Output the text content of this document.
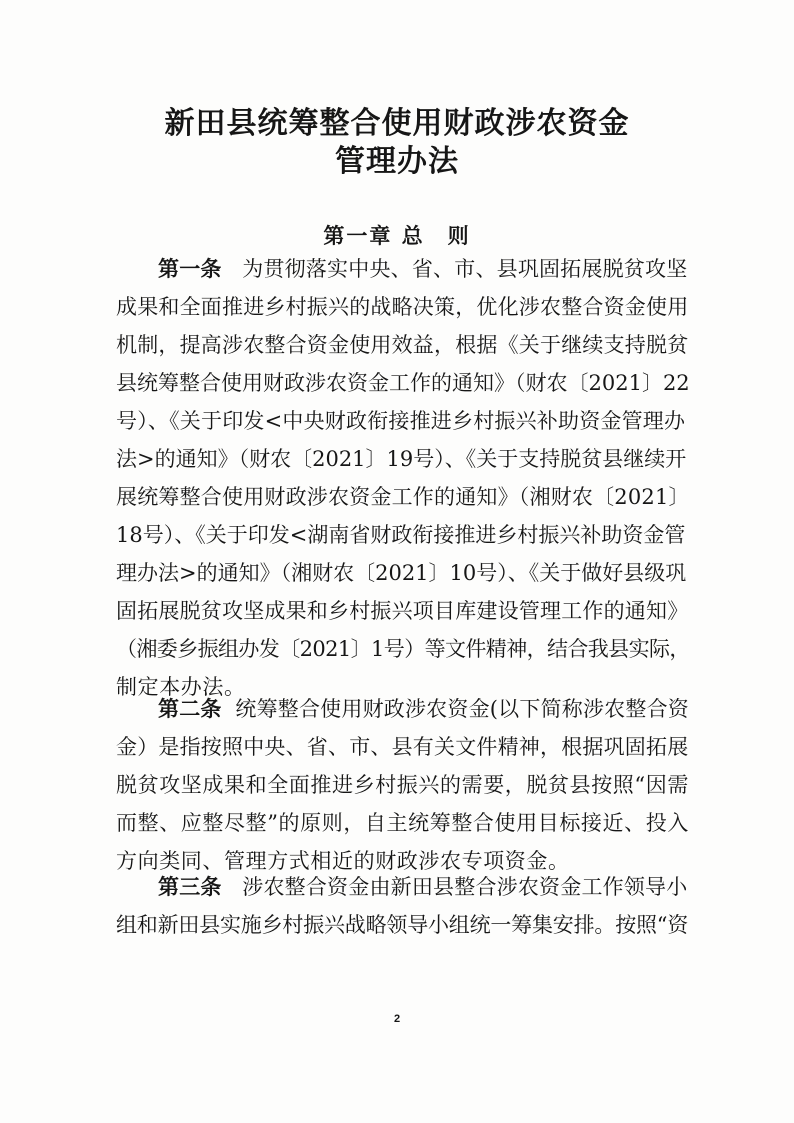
新田县统筹整合使用财政涉农资金
管理办法
第一章 总　则
第一条 为贯彻落实中央、省、市、县巩固拓展脱贫攻坚
成果和全面推进乡村振兴的战略决策，优化涉农整合资金使用
机制，提高涉农整合资金使用效益，根据《关于继续支持脱贫
县统筹整合使用财政涉农资金工作的通知》（财农〔2021〕22
号）、《关于印发<中央财政衔接推进乡村振兴补助资金管理办
法>的通知》（财农〔2021〕19号）、《关于支持脱贫县继续开
展统筹整合使用财政涉农资金工作的通知》（湘财农〔2021〕
18号）、《关于印发<湖南省财政衔接推进乡村振兴补助资金管
理办法>的通知》（湘财农〔2021〕10号）、《关于做好县级巩
固拓展脱贫攻坚成果和乡村振兴项目库建设管理工作的通知》
（湘委乡振组办发〔2021〕1号）等文件精神，结合我县实际，
制定本办法。
第二条 统筹整合使用财政涉农资金(以下简称涉农整合资
金）是指按照中央、省、市、县有关文件精神，根据巩固拓展
脱贫攻坚成果和全面推进乡村振兴的需要，脱贫县按照“因需
而整、应整尽整”的原则，自主统筹整合使用目标接近、投入
方向类同、管理方式相近的财政涉农专项资金。
第三条 涉农整合资金由新田县整合涉农资金工作领导小
组和新田县实施乡村振兴战略领导小组统一筹集安排。按照“资
2
